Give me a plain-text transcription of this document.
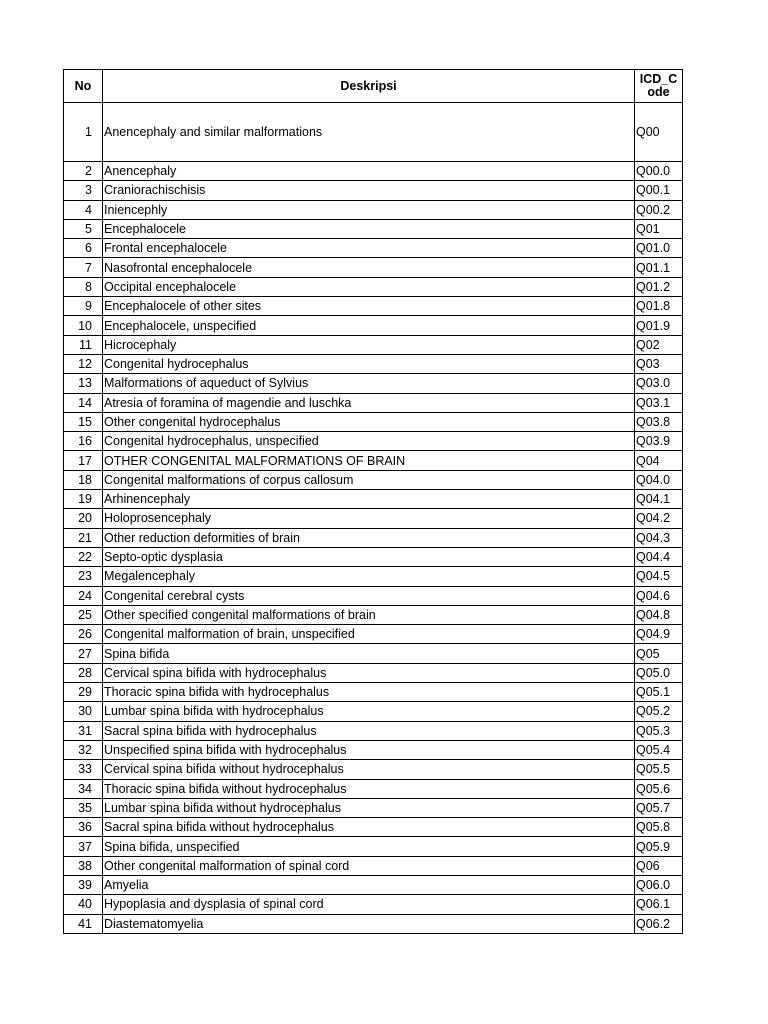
No	Deskripsi	ICD_Code
1	Anencephaly and similar malformations	Q00
2	Anencephaly	Q00.0
3	Craniorachischisis	Q00.1
4	Iniencephly	Q00.2
5	Encephalocele	Q01
6	Frontal encephalocele	Q01.0
7	Nasofrontal encephalocele	Q01.1
8	Occipital encephalocele	Q01.2
9	Encephalocele of other sites	Q01.8
10	Encephalocele, unspecified	Q01.9
11	Hicrocephaly	Q02
12	Congenital hydrocephalus	Q03
13	Malformations of aqueduct of Sylvius	Q03.0
14	Atresia of foramina of magendie and luschka	Q03.1
15	Other congenital hydrocephalus	Q03.8
16	Congenital hydrocephalus, unspecified	Q03.9
17	OTHER CONGENITAL MALFORMATIONS OF BRAIN	Q04
18	Congenital malformations of corpus callosum	Q04.0
19	Arhinencephaly	Q04.1
20	Holoprosencephaly	Q04.2
21	Other reduction deformities of brain	Q04.3
22	Septo-optic dysplasia	Q04.4
23	Megalencephaly	Q04.5
24	Congenital cerebral cysts	Q04.6
25	Other specified congenital malformations of brain	Q04.8
26	Congenital malformation of brain, unspecified	Q04.9
27	Spina bifida	Q05
28	Cervical spina bifida with hydrocephalus	Q05.0
29	Thoracic spina bifida with hydrocephalus	Q05.1
30	Lumbar spina bifida with hydrocephalus	Q05.2
31	Sacral spina bifida with hydrocephalus	Q05.3
32	Unspecified spina bifida with hydrocephalus	Q05.4
33	Cervical spina bifida without hydrocephalus	Q05.5
34	Thoracic spina bifida without hydrocephalus	Q05.6
35	Lumbar spina bifida without hydrocephalus	Q05.7
36	Sacral spina bifida without hydrocephalus	Q05.8
37	Spina bifida, unspecified	Q05.9
38	Other congenital malformation of spinal cord	Q06
39	Amyelia	Q06.0
40	Hypoplasia and dysplasia of spinal cord	Q06.1
41	Diastematomyelia	Q06.2
